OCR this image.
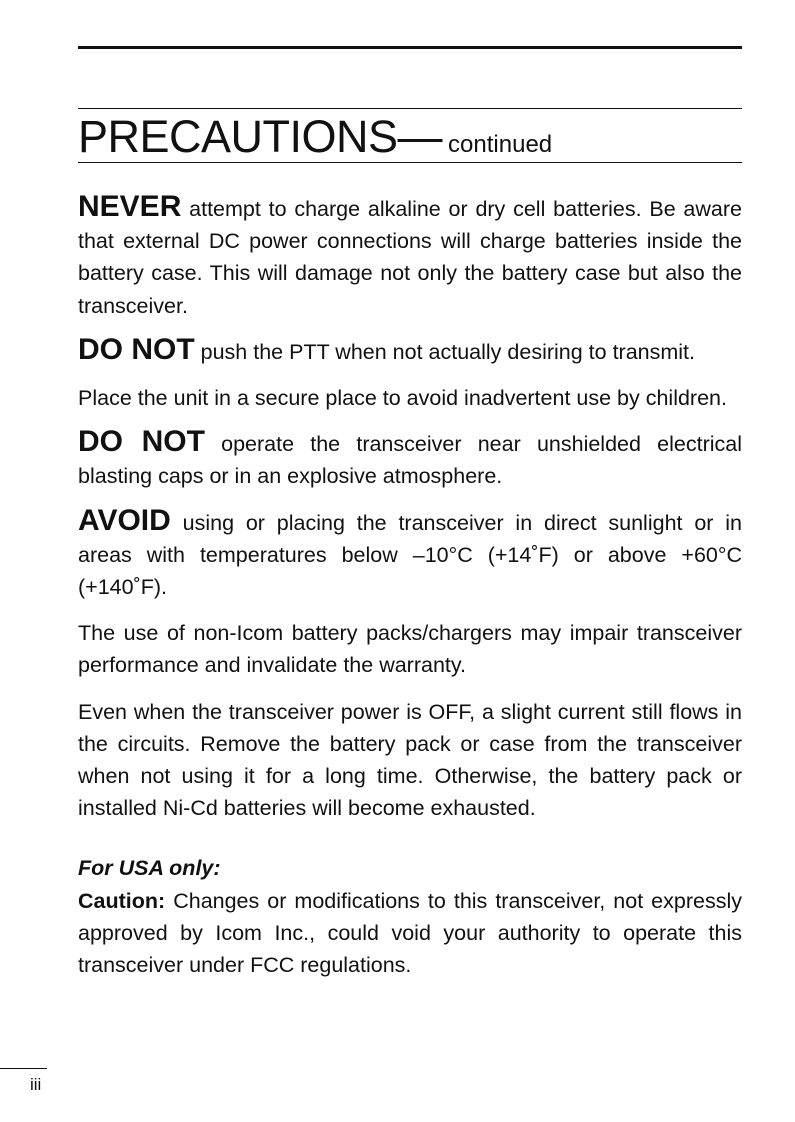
PRECAUTIONS— continued

NEVER attempt to charge alkaline or dry cell batteries. Be aware that external DC power connections will charge batteries inside the battery case. This will damage not only the battery case but also the transceiver.

DO NOT push the PTT when not actually desiring to transmit.

Place the unit in a secure place to avoid inadvertent use by children.

DO NOT operate the transceiver near unshielded electrical blasting caps or in an explosive atmosphere.

AVOID using or placing the transceiver in direct sunlight or in areas with temperatures below –10°C (+14˚F) or above +60°C (+140˚F).

The use of non-Icom battery packs/chargers may impair transceiver performance and invalidate the warranty.

Even when the transceiver power is OFF, a slight current still flows in the circuits. Remove the battery pack or case from the transceiver when not using it for a long time. Otherwise, the battery pack or installed Ni-Cd batteries will become exhausted.

For USA only:

Caution: Changes or modifications to this transceiver, not expressly approved by Icom Inc., could void your authority to operate this transceiver under FCC regulations.

iii
